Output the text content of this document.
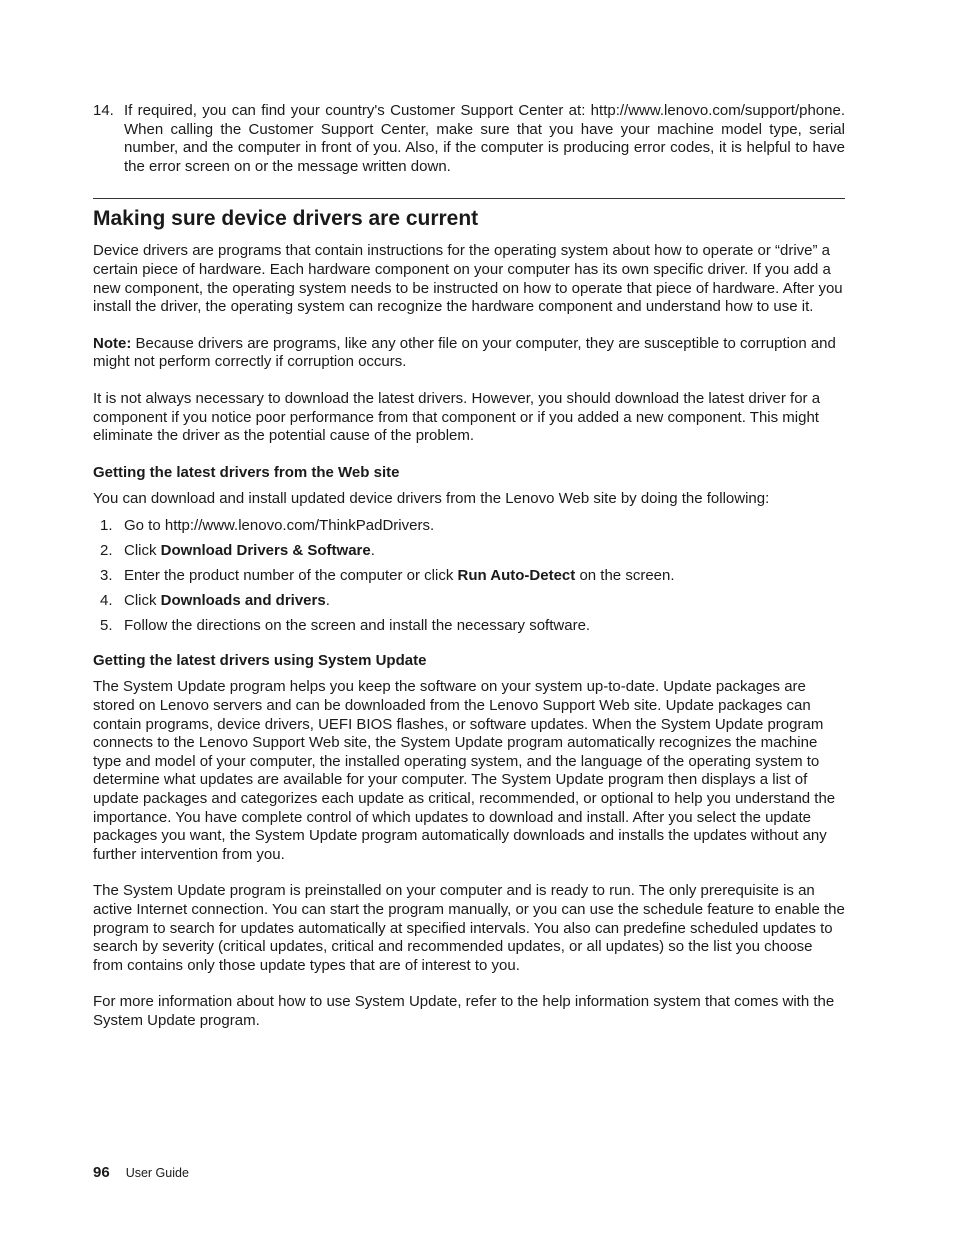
14. If required, you can find your country's Customer Support Center at: http://www.lenovo.com/support/phone. When calling the Customer Support Center, make sure that you have your machine model type, serial number, and the computer in front of you. Also, if the computer is producing error codes, it is helpful to have the error screen on or the message written down.
Making sure device drivers are current

Device drivers are programs that contain instructions for the operating system about how to operate or “drive” a certain piece of hardware. Each hardware component on your computer has its own specific driver. If you add a new component, the operating system needs to be instructed on how to operate that piece of hardware. After you install the driver, the operating system can recognize the hardware component and understand how to use it.

Note: Because drivers are programs, like any other file on your computer, they are susceptible to corruption and might not perform correctly if corruption occurs.

It is not always necessary to download the latest drivers. However, you should download the latest driver for a component if you notice poor performance from that component or if you added a new component. This might eliminate the driver as the potential cause of the problem.

Getting the latest drivers from the Web site

You can download and install updated device drivers from the Lenovo Web site by doing the following:

1. Go to http://www.lenovo.com/ThinkPadDrivers.
2. Click Download Drivers & Software.
3. Enter the product number of the computer or click Run Auto-Detect on the screen.
4. Click Downloads and drivers.
5. Follow the directions on the screen and install the necessary software.
Getting the latest drivers using System Update

The System Update program helps you keep the software on your system up-to-date. Update packages are stored on Lenovo servers and can be downloaded from the Lenovo Support Web site. Update packages can contain programs, device drivers, UEFI BIOS flashes, or software updates. When the System Update program connects to the Lenovo Support Web site, the System Update program automatically recognizes the machine type and model of your computer, the installed operating system, and the language of the operating system to determine what updates are available for your computer. The System Update program then displays a list of update packages and categorizes each update as critical, recommended, or optional to help you understand the importance. You have complete control of which updates to download and install. After you select the update packages you want, the System Update program automatically downloads and installs the updates without any further intervention from you.

The System Update program is preinstalled on your computer and is ready to run. The only prerequisite is an active Internet connection. You can start the program manually, or you can use the schedule feature to enable the program to search for updates automatically at specified intervals. You also can predefine scheduled updates to search by severity (critical updates, critical and recommended updates, or all updates) so the list you choose from contains only those update types that are of interest to you.

For more information about how to use System Update, refer to the help information system that comes with the System Update program.

96 User Guide
